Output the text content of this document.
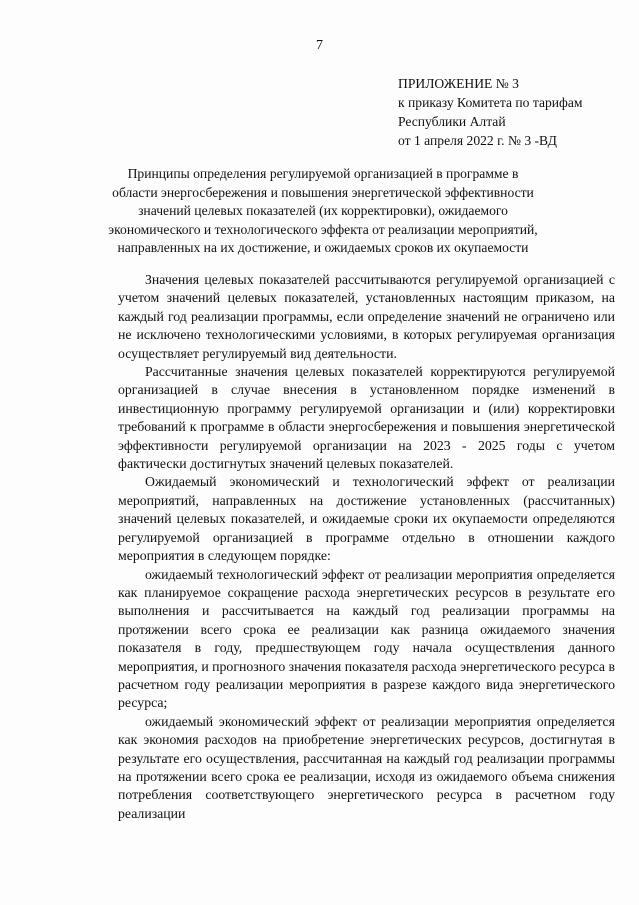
7
ПРИЛОЖЕНИЕ № 3
к приказу Комитета по тарифам
Республики Алтай
от 1 апреля 2022 г. № 3 -ВД
Принципы определения регулируемой организацией в программе в области энергосбережения и повышения энергетической эффективности значений целевых показателей (их корректировки), ожидаемого экономического и технологического эффекта от реализации мероприятий, направленных на их достижение, и ожидаемых сроков их окупаемости

Значения целевых показателей рассчитываются регулируемой организацией с учетом значений целевых показателей, установленных настоящим приказом, на каждый год реализации программы, если определение значений не ограничено или не исключено технологическими условиями, в которых регулируемая организация осуществляет регулируемый вид деятельности.

Рассчитанные значения целевых показателей корректируются регулируемой организацией в случае внесения в установленном порядке изменений в инвестиционную программу регулируемой организации и (или) корректировки требований к программе в области энергосбережения и повышения энергетической эффективности регулируемой организации на 2023 - 2025 годы с учетом фактически достигнутых значений целевых показателей.

Ожидаемый экономический и технологический эффект от реализации мероприятий, направленных на достижение установленных (рассчитанных) значений целевых показателей, и ожидаемые сроки их окупаемости определяются регулируемой организацией в программе отдельно в отношении каждого мероприятия в следующем порядке:

ожидаемый технологический эффект от реализации мероприятия определяется как планируемое сокращение расхода энергетических ресурсов в результате его выполнения и рассчитывается на каждый год реализации программы на протяжении всего срока ее реализации как разница ожидаемого значения показателя в году, предшествующем году начала осуществления данного мероприятия, и прогнозного значения показателя расхода энергетического ресурса в расчетном году реализации мероприятия в разрезе каждого вида энергетического ресурса;

ожидаемый экономический эффект от реализации мероприятия определяется как экономия расходов на приобретение энергетических ресурсов, достигнутая в результате его осуществления, рассчитанная на каждый год реализации программы на протяжении всего срока ее реализации, исходя из ожидаемого объема снижения потребления соответствующего энергетического ресурса в расчетном году реализации
